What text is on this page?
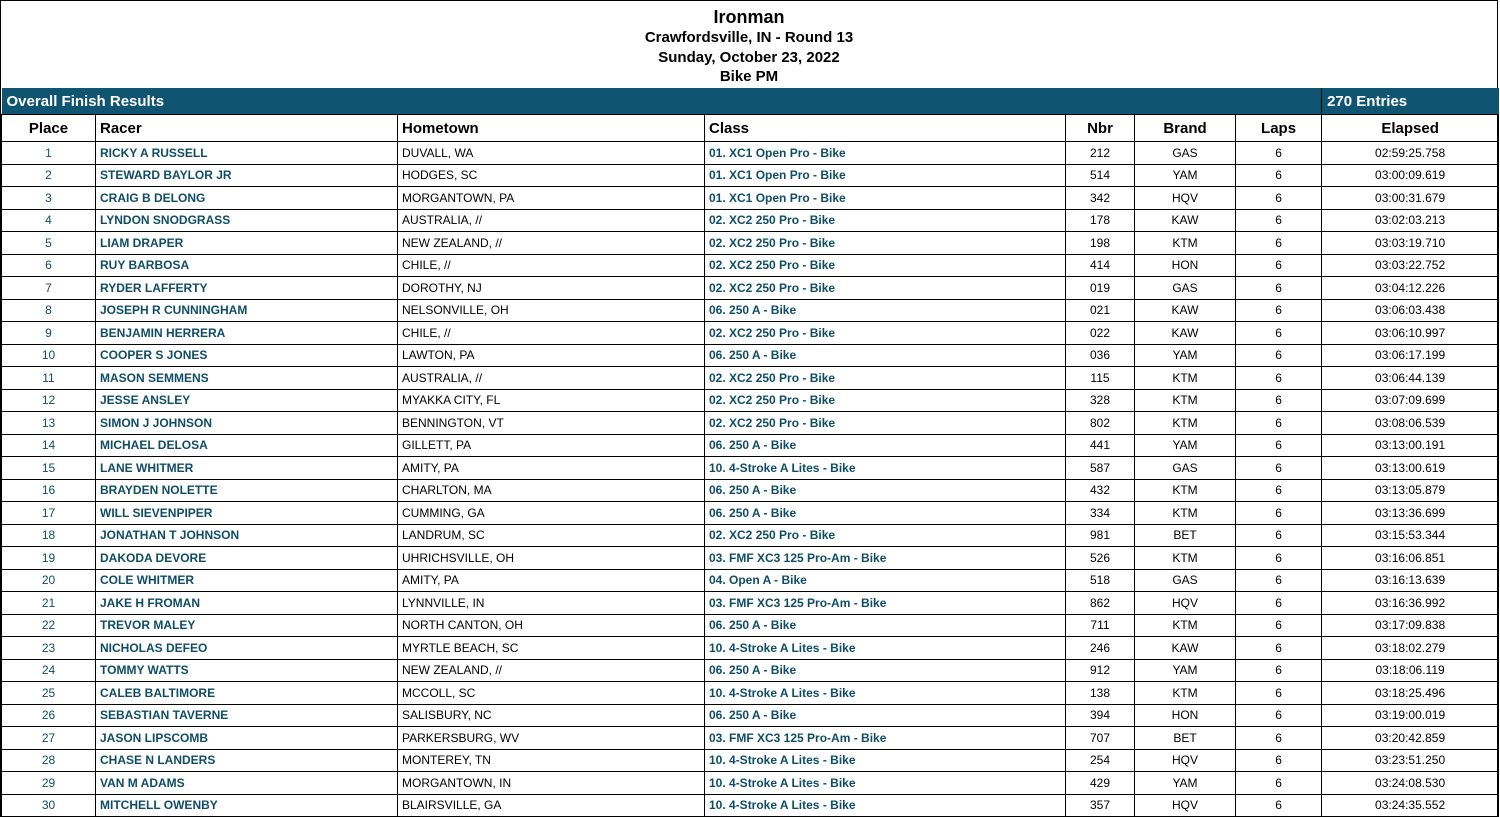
Ironman
Crawfordsville, IN - Round 13
Sunday, October 23, 2022
Bike PM
Overall Finish Results							270 Entries
Place	Racer	Hometown	Class	Nbr	Brand	Laps	Elapsed
1	RICKY A RUSSELL	DUVALL, WA	01. XC1 Open Pro - Bike	212	GAS	6	02:59:25.758
2	STEWARD BAYLOR JR	HODGES, SC	01. XC1 Open Pro - Bike	514	YAM	6	03:00:09.619
3	CRAIG B DELONG	MORGANTOWN, PA	01. XC1 Open Pro - Bike	342	HQV	6	03:00:31.679
4	LYNDON SNODGRASS	AUSTRALIA, //	02. XC2 250 Pro - Bike	178	KAW	6	03:02:03.213
5	LIAM DRAPER	NEW ZEALAND, //	02. XC2 250 Pro - Bike	198	KTM	6	03:03:19.710
6	RUY BARBOSA	CHILE, //	02. XC2 250 Pro - Bike	414	HON	6	03:03:22.752
7	RYDER LAFFERTY	DOROTHY, NJ	02. XC2 250 Pro - Bike	019	GAS	6	03:04:12.226
8	JOSEPH R CUNNINGHAM	NELSONVILLE, OH	06. 250 A - Bike	021	KAW	6	03:06:03.438
9	BENJAMIN HERRERA	CHILE, //	02. XC2 250 Pro - Bike	022	KAW	6	03:06:10.997
10	COOPER S JONES	LAWTON, PA	06. 250 A - Bike	036	YAM	6	03:06:17.199
11	MASON SEMMENS	AUSTRALIA, //	02. XC2 250 Pro - Bike	115	KTM	6	03:06:44.139
12	JESSE ANSLEY	MYAKKA CITY, FL	02. XC2 250 Pro - Bike	328	KTM	6	03:07:09.699
13	SIMON J JOHNSON	BENNINGTON, VT	02. XC2 250 Pro - Bike	802	KTM	6	03:08:06.539
14	MICHAEL DELOSA	GILLETT, PA	06. 250 A - Bike	441	YAM	6	03:13:00.191
15	LANE WHITMER	AMITY, PA	10. 4-Stroke A Lites - Bike	587	GAS	6	03:13:00.619
16	BRAYDEN NOLETTE	CHARLTON, MA	06. 250 A - Bike	432	KTM	6	03:13:05.879
17	WILL SIEVENPIPER	CUMMING, GA	06. 250 A - Bike	334	KTM	6	03:13:36.699
18	JONATHAN T JOHNSON	LANDRUM, SC	02. XC2 250 Pro - Bike	981	BET	6	03:15:53.344
19	DAKODA DEVORE	UHRICHSVILLE, OH	03. FMF XC3 125 Pro-Am - Bike	526	KTM	6	03:16:06.851
20	COLE WHITMER	AMITY, PA	04. Open A - Bike	518	GAS	6	03:16:13.639
21	JAKE H FROMAN	LYNNVILLE, IN	03. FMF XC3 125 Pro-Am - Bike	862	HQV	6	03:16:36.992
22	TREVOR MALEY	NORTH CANTON, OH	06. 250 A - Bike	711	KTM	6	03:17:09.838
23	NICHOLAS DEFEO	MYRTLE BEACH, SC	10. 4-Stroke A Lites - Bike	246	KAW	6	03:18:02.279
24	TOMMY WATTS	NEW ZEALAND, //	06. 250 A - Bike	912	YAM	6	03:18:06.119
25	CALEB BALTIMORE	MCCOLL, SC	10. 4-Stroke A Lites - Bike	138	KTM	6	03:18:25.496
26	SEBASTIAN TAVERNE	SALISBURY, NC	06. 250 A - Bike	394	HON	6	03:19:00.019
27	JASON LIPSCOMB	PARKERSBURG, WV	03. FMF XC3 125 Pro-Am - Bike	707	BET	6	03:20:42.859
28	CHASE N LANDERS	MONTEREY, TN	10. 4-Stroke A Lites - Bike	254	HQV	6	03:23:51.250
29	VAN M ADAMS	MORGANTOWN, IN	10. 4-Stroke A Lites - Bike	429	YAM	6	03:24:08.530
30	MITCHELL OWENBY	BLAIRSVILLE, GA	10. 4-Stroke A Lites - Bike	357	HQV	6	03:24:35.552
